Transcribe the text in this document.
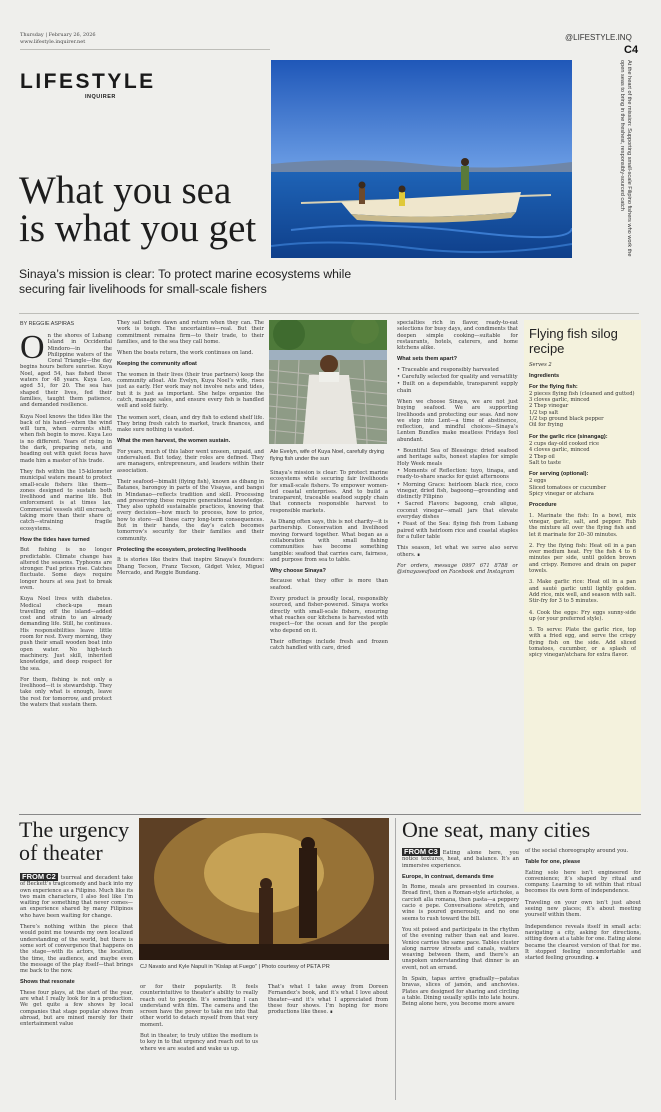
Thursday | February 26, 2026
www.lifestyle.inquirer.net	@LIFESTYLE.INQ
C4
LIFESTYLE
INQUIRER	At the heart of the mission: Supporting small-scale Filipino fishers who work the open seas to bring in the freshest, responsibly-sourced catch
What you sea
is what you get
Sinaya’s mission is clear: To protect marine ecosystems while securing fair livelihoods for small-scale fishers
BY REGGIE ASPIRAS

On the shores of Lubang Island in Occidental Mindoro—in the Philippine waters of the Coral Triangle—the day begins hours before sunrise. Kuya Noel, aged 54, has fished these waters for 48 years. Kuya Leo, aged 51, for 20. The sea has shaped their lives, fed their families, taught them patience, and demanded resilience.

Kuya Noel knows the tides like the back of his hand—when the wind will turn, when currents shift, when fish begin to move. Kuya Leo is no different. Years of rising in the dark, preparing nets, and heading out with quiet focus have made him a master of his trade.

They fish within the 15-kilometer municipal waters meant to protect small-scale fishers like them—zones designed to sustain both livelihood and marine life. But enforcement is at times lax. Commercial vessels still encroach, taking more than their share of catch—straining fragile ecosystems.

How the tides have turned

But fishing is no longer predictable. Climate change has altered the seasons. Typhoons are stronger. Fuel prices rise. Catches fluctuate. Some days require longer hours at sea just to break even.

Kuya Noel lives with diabetes. Medical check-ups mean travelling off the island—added cost and strain to an already demanding life. Still, he continues. His responsibilities leave little room for rest. Every morning, they push their small wooden boat into open water. No high-tech machinery. Just skill, inherited knowledge, and deep respect for the sea.

For them, fishing is not only a livelihood—it is stewardship. They take only what is enough, leave the rest for tomorrow, and protect the waters that sustain them.

They sail before dawn and return when they can. The work is tough. The uncertainties—real. But their commitment remains firm—to their trade, to their families, and to the sea they call home.

When the boats return, the work continues on land.

Keeping the community afloat

The women in their lives (their true partners) keep the community afloat. Ate Evelyn, Kuya Noel’s wife, rises just as early. Her work may not involve nets and tides, but it is just as important. She helps organize the catch, manage sales, and ensure every fish is handled well and sold fairly.

The women sort, clean, and dry fish to extend shelf life. They bring fresh catch to market, track finances, and make sure nothing is wasted.

What the men harvest, the women sustain.

For years, much of this labor went unseen, unpaid, and undervalued. But today, their roles are defined. They are managers, entrepreneurs, and leaders within their association.

Their seafood—bimalit (flying fish), known as dibang in Batanes, barongoy in parts of the Visayas, and bangsi in Mindanao—reflects tradition and skill. Processing and preserving these require generational knowledge. They also uphold sustainable practices, knowing that every decision—how much to process, how to price, how to store—all these carry long-term consequences. But in their hands, the day’s catch becomes tomorrow’s security for their families and their community.

Protecting the ecosystem, protecting livelihoods

It is stories like theirs that inspire Sinaya’s founders: Dhang Tecson, Franz Tecson, Gidget Velez, Miguel Mercado, and Reggie Bundang.

Ate Evelyn, wife of Kuya Noel, carefully drying flying fish under the sun

Sinaya’s mission is clear: To protect marine ecosystems while securing fair livelihoods for small-scale fishers. To empower women-led coastal enterprises. And to build a transparent, traceable seafood supply chain that connects responsible harvest to responsible markets.

As Dhang often says, this is not charity—it is partnership. Conservation and livelihood moving forward together. What began as a collaboration with small fishing communities has become something tangible: seafood that carries care, fairness, and purpose from sea to table.

Why choose Sinaya?

Because what they offer is more than seafood.

Every product is proudly local, responsibly sourced, and fisher-powered. Sinaya works directly with small-scale fishers, ensuring what reaches our kitchens is harvested with respect—for the ocean and for the people who depend on it.

Their offerings include fresh and frozen catch handled with care, dried

specialties rich in flavor, ready-to-eat selections for busy days, and condiments that deepen simple cooking—suitable for restaurants, hotels, caterers, and home kitchens alike.

What sets them apart?

• Traceable and responsibly harvested

• Carefully selected for quality and versatility

• Built on a dependable, transparent supply chain

When we choose Sinaya, we are not just buying seafood. We are supporting livelihoods and protecting our seas. And now we step into Lent—a time of abstinence, reflection, and mindful choices—Sinaya’s Lenten Bundles make meatless Fridays feel abundant.

• Bountiful Sea of Blessings: dried seafood and heritage salts, honest staples for simple Holy Week meals

• Moments of Reflection: tuyo, tinapa, and ready-to-share snacks for quiet afternoons

• Morning Grace: heirloom black rice, coco vinegar, dried fish, bagoong—grounding and distinctly Filipino

• Sacred Flavors: bagoong, crab aligue, coconut vinegar—small jars that elevate everyday dishes

• Feast of the Sea: flying fish from Lubang paired with heirloom rice and coastal staples for a fuller table

This season, let what we serve also serve others. ∎

For orders, message 0997 671 8788 or @sinayaseafood on Facebook and Instagram

Flying fish silog recipe

Serves 2

Ingredients
For the flying fish:

2 pieces flying fish (cleaned and gutted)
3 cloves garlic, minced
2 Tbsp vinegar
1/2 tsp salt
1/2 tsp ground black pepper
Oil for frying

For the garlic rice (sinangag):

2 cups day-old cooked rice
4 cloves garlic, minced
2 Tbsp oil
Salt to taste

For serving (optional):

2 eggs
Sliced tomatoes or cucumber
Spicy vinegar or atchara

Procedure

1. Marinate the fish: In a bowl, mix vinegar, garlic, salt, and pepper. Rub the mixture all over the flying fish and let it marinate for 20–30 minutes.

2. Fry the flying fish: Heat oil in a pan over medium heat. Fry the fish 4 to 6 minutes per side, until golden brown and crispy. Remove and drain on paper towels.

3. Make garlic rice: Heat oil in a pan and sauté garlic until lightly golden. Add rice, mix well, and season with salt. Stir-fry for 3 to 5 minutes.

4. Cook the eggs: Fry eggs sunny-side up (or your preferred style).

5. To serve: Plate the garlic rice, top with a fried egg, and serve the crispy flying fish on the side. Add sliced tomatoes, cucumber, or a splash of spicy vinegar/atchara for extra flavor.

The urgency
of theater

FROM C2 tsurreal and decadent take of Beckett’s tragicomedy and back into my own experience as a Filipino. Much like its two main characters, I also feel like I’m waiting for something that never comes—an experience shared by many Filipinos who have been waiting for change.

There’s nothing within the piece that would point me towards my own localized understanding of the world, but there is some sort of convergence that happens on the stage—with its actors, the location, the time, the audience, and maybe even the message of the play itself—that brings me back to the now.

Shows that resonate

These four plays, at the start of the year, are what I really look for in a production. We get quite a few shows by local companies that stage popular shows from abroad, but are mined merely for their entertainment value

CJ Navato and Kyle Napuli in “Kislap at Fuego” | Photo courtesy of PETA PR

or for their popularity. It feels counterintuitive to theater’s ability to really reach out to people. It’s something I can understand with film. The camera and the screen have the power to take me into that other world to detach myself from that very moment.

But in theater, to truly utilize the medium is to key in to that urgency and reach out to us where we are seated and wake us up.

That’s what I take away from Doreen Fernandez’s book, and it’s what I love about theater—and it’s what I appreciated from these four shows. I’m hoping for more productions like these. ∎

One seat, many cities

FROM C3 Eating alone here, you notice textures, heat, and balance. It’s an immersive experience.

Europe, in contrast, demands time

In Rome, meals are presented in courses. Bread first, then a Roman-style artichoke, a carciofi alla romana, then pasta—a peppery cacio e pepe. Conversations stretch, and wine is poured generously, and no one seems to rush toward the bill.

You sit poised and participate in the rhythm of the evening rather than eat and leave. Venice carries the same pace. Tables cluster along narrow streets and canals, waiters weaving between them, and there’s an unspoken understanding that dinner is an event, not an errand.

In Spain, tapas arrive gradually—patatas bravas, slices of jamón, and anchovies. Plates are designed for sharing and circling a table. Dining usually spills into late hours. Being alone here, you become more aware

of the social choreography around you.

Table for one, please

Eating solo here isn’t engineered for convenience; it’s shaped by ritual and company. Learning to sit within that ritual becomes its own form of independence.

Traveling on your own isn’t just about seeing new places; it’s about meeting yourself within them.

Independence reveals itself in small acts: navigating a city, asking for directions, sitting down at a table for one. Eating alone became the clearest version of that for me. It stopped feeling uncomfortable and started feeling grounding. ∎
